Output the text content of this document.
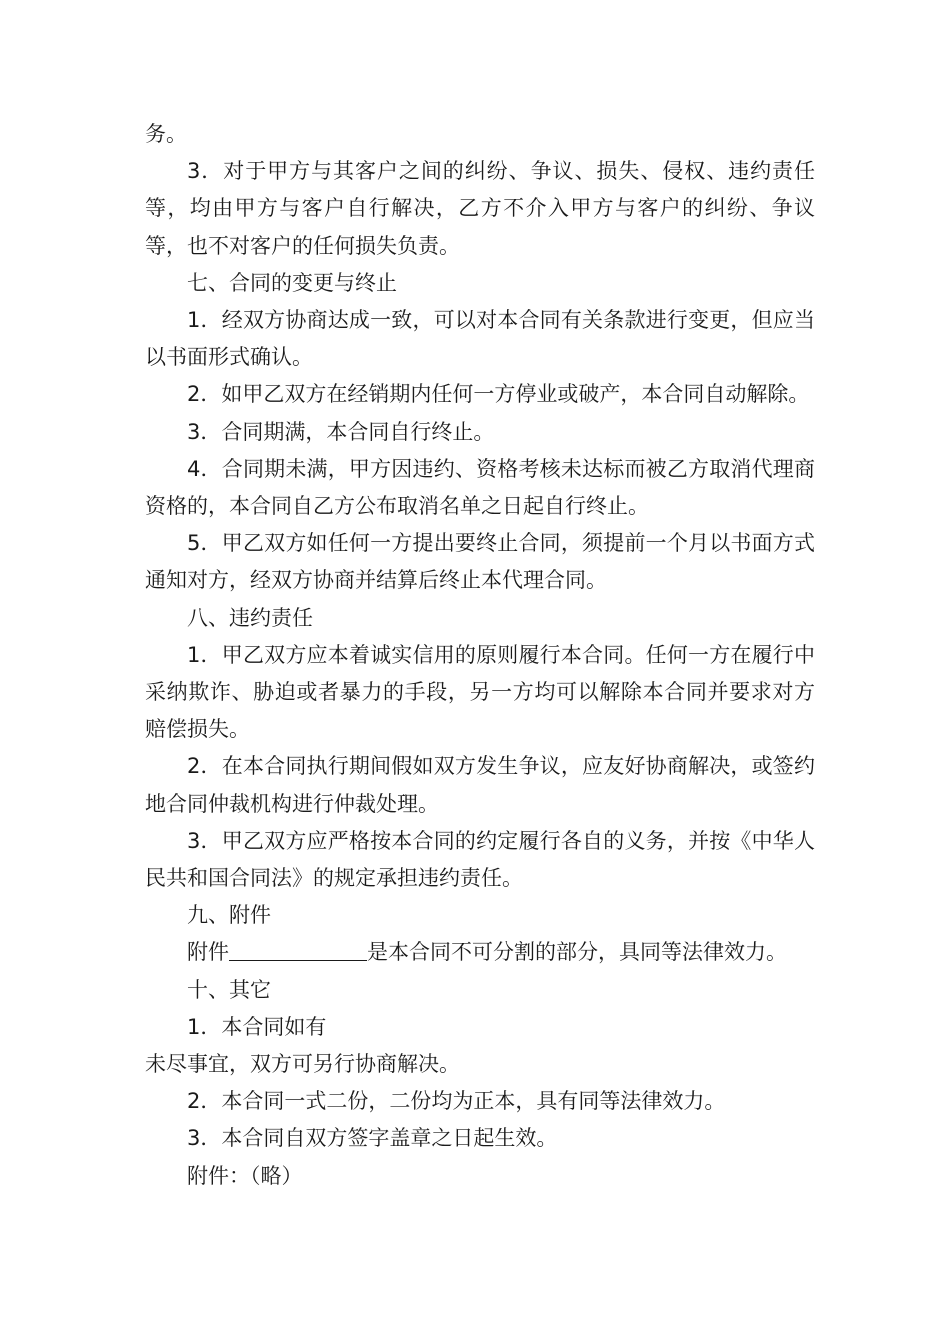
务。

3．对于甲方与其客户之间的纠纷、争议、损失、侵权、违约责任等，均由甲方与客户自行解决，乙方不介入甲方与客户的纠纷、争议等，也不对客户的任何损失负责。

七、合同的变更与终止

1．经双方协商达成一致，可以对本合同有关条款进行变更，但应当以书面形式确认。

2．如甲乙双方在经销期内任何一方停业或破产，本合同自动解除。

3．合同期满，本合同自行终止。

4．合同期未满，甲方因违约、资格考核未达标而被乙方取消代理商资格的，本合同自乙方公布取消名单之日起自行终止。

5．甲乙双方如任何一方提出要终止合同，须提前一个月以书面方式通知对方，经双方协商并结算后终止本代理合同。

八、违约责任

1．甲乙双方应本着诚实信用的原则履行本合同。任何一方在履行中采纳欺诈、胁迫或者暴力的手段，另一方均可以解除本合同并要求对方赔偿损失。

2．在本合同执行期间假如双方发生争议，应友好协商解决，或签约地合同仲裁机构进行仲裁处理。

3．甲乙双方应严格按本合同的约定履行各自的义务，并按《中华人民共和国合同法》的规定承担违约责任。

九、附件

附件	是本合同不可分割的部分，具同等法律效力。

十、其它

1．本合同如有

未尽事宜，双方可另行协商解决。

2．本合同一式二份，二份均为正本，具有同等法律效力。

3．本合同自双方签字盖章之日起生效。

附件：（略）
